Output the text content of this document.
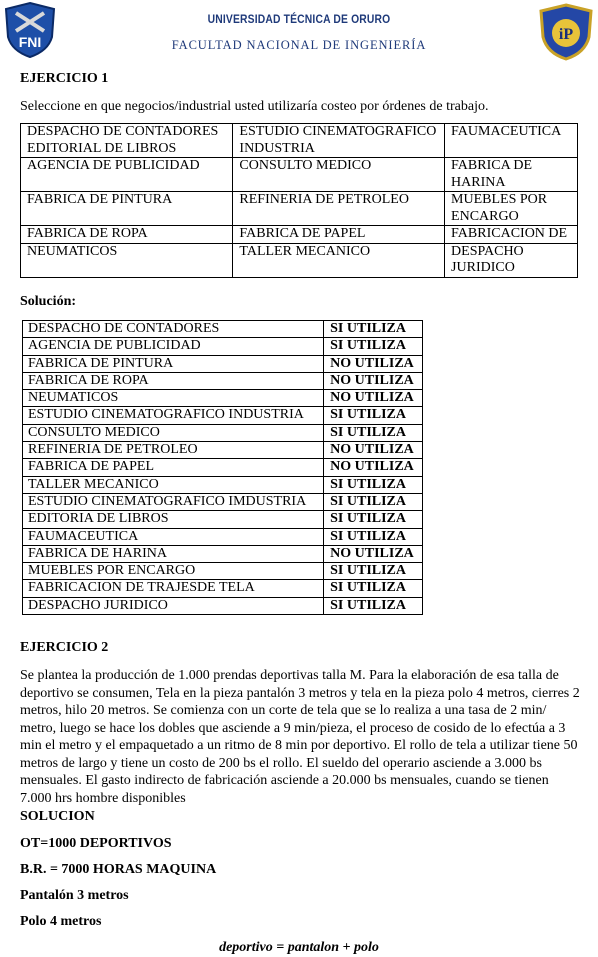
FNI
UNIVERSIDAD TÉCNICA DE ORURO
FACULTAD NACIONAL DE INGENIERÍA
iP
EJERCICIO 1
Seleccione en que negocios/industrial usted utilizaría costeo por órdenes de trabajo.
DESPACHO DE CONTADORES EDITORIAL DE LIBROS	ESTUDIO CINEMATOGRAFICO INDUSTRIA	FAUMACEUTICA
AGENCIA DE PUBLICIDAD	CONSULTO MEDICO	FABRICA DE HARINA
FABRICA DE PINTURA	REFINERIA DE PETROLEO	MUEBLES POR ENCARGO
FABRICA DE ROPA	FABRICA DE PAPEL	FABRICACION DE
NEUMATICOS	TALLER MECANICO	DESPACHO JURIDICO
Solución:
DESPACHO DE CONTADORES	SI UTILIZA
AGENCIA DE PUBLICIDAD	SI UTILIZA
FABRICA DE PINTURA	NO UTILIZA
FABRICA DE ROPA	NO UTILIZA
NEUMATICOS	NO UTILIZA
ESTUDIO CINEMATOGRAFICO INDUSTRIA	SI UTILIZA
CONSULTO MEDICO	SI UTILIZA
REFINERIA DE PETROLEO	NO UTILIZA
FABRICA DE PAPEL	NO UTILIZA
TALLER MECANICO	SI UTILIZA
ESTUDIO CINEMATOGRAFICO IMDUSTRIA	SI UTILIZA
EDITORIA DE LIBROS	SI UTILIZA
FAUMACEUTICA	SI UTILIZA
FABRICA DE HARINA	NO UTILIZA
MUEBLES POR ENCARGO	SI UTILIZA
FABRICACION DE TRAJESDE TELA	SI UTILIZA
DESPACHO JURIDICO	SI UTILIZA
EJERCICIO 2
Se plantea la producción de 1.000 prendas deportivas talla M. Para la elaboración de esa talla de deportivo se consumen, Tela en la pieza pantalón 3 metros y tela en la pieza polo 4 metros, cierres 2 metros, hilo 20 metros. Se comienza con un corte de tela que se lo realiza a una tasa de 2 min/ metro, luego se hace los dobles que asciende a 9 min/pieza, el proceso de cosido de lo efectúa a 3 min el metro y el empaquetado a un ritmo de 8 min por deportivo. El rollo de tela a utilizar tiene 50 metros de largo y tiene un costo de 200 bs el rollo. El sueldo del operario asciende a 3.000 bs mensuales. El gasto indirecto de fabricación asciende a 20.000 bs mensuales, cuando se tienen 7.000 hrs hombre disponibles
SOLUCION
OT=1000 DEPORTIVOS
B.R. = 7000 HORAS MAQUINA
Pantalón 3 metros
Polo 4 metros
deportivo = pantalon + polo
